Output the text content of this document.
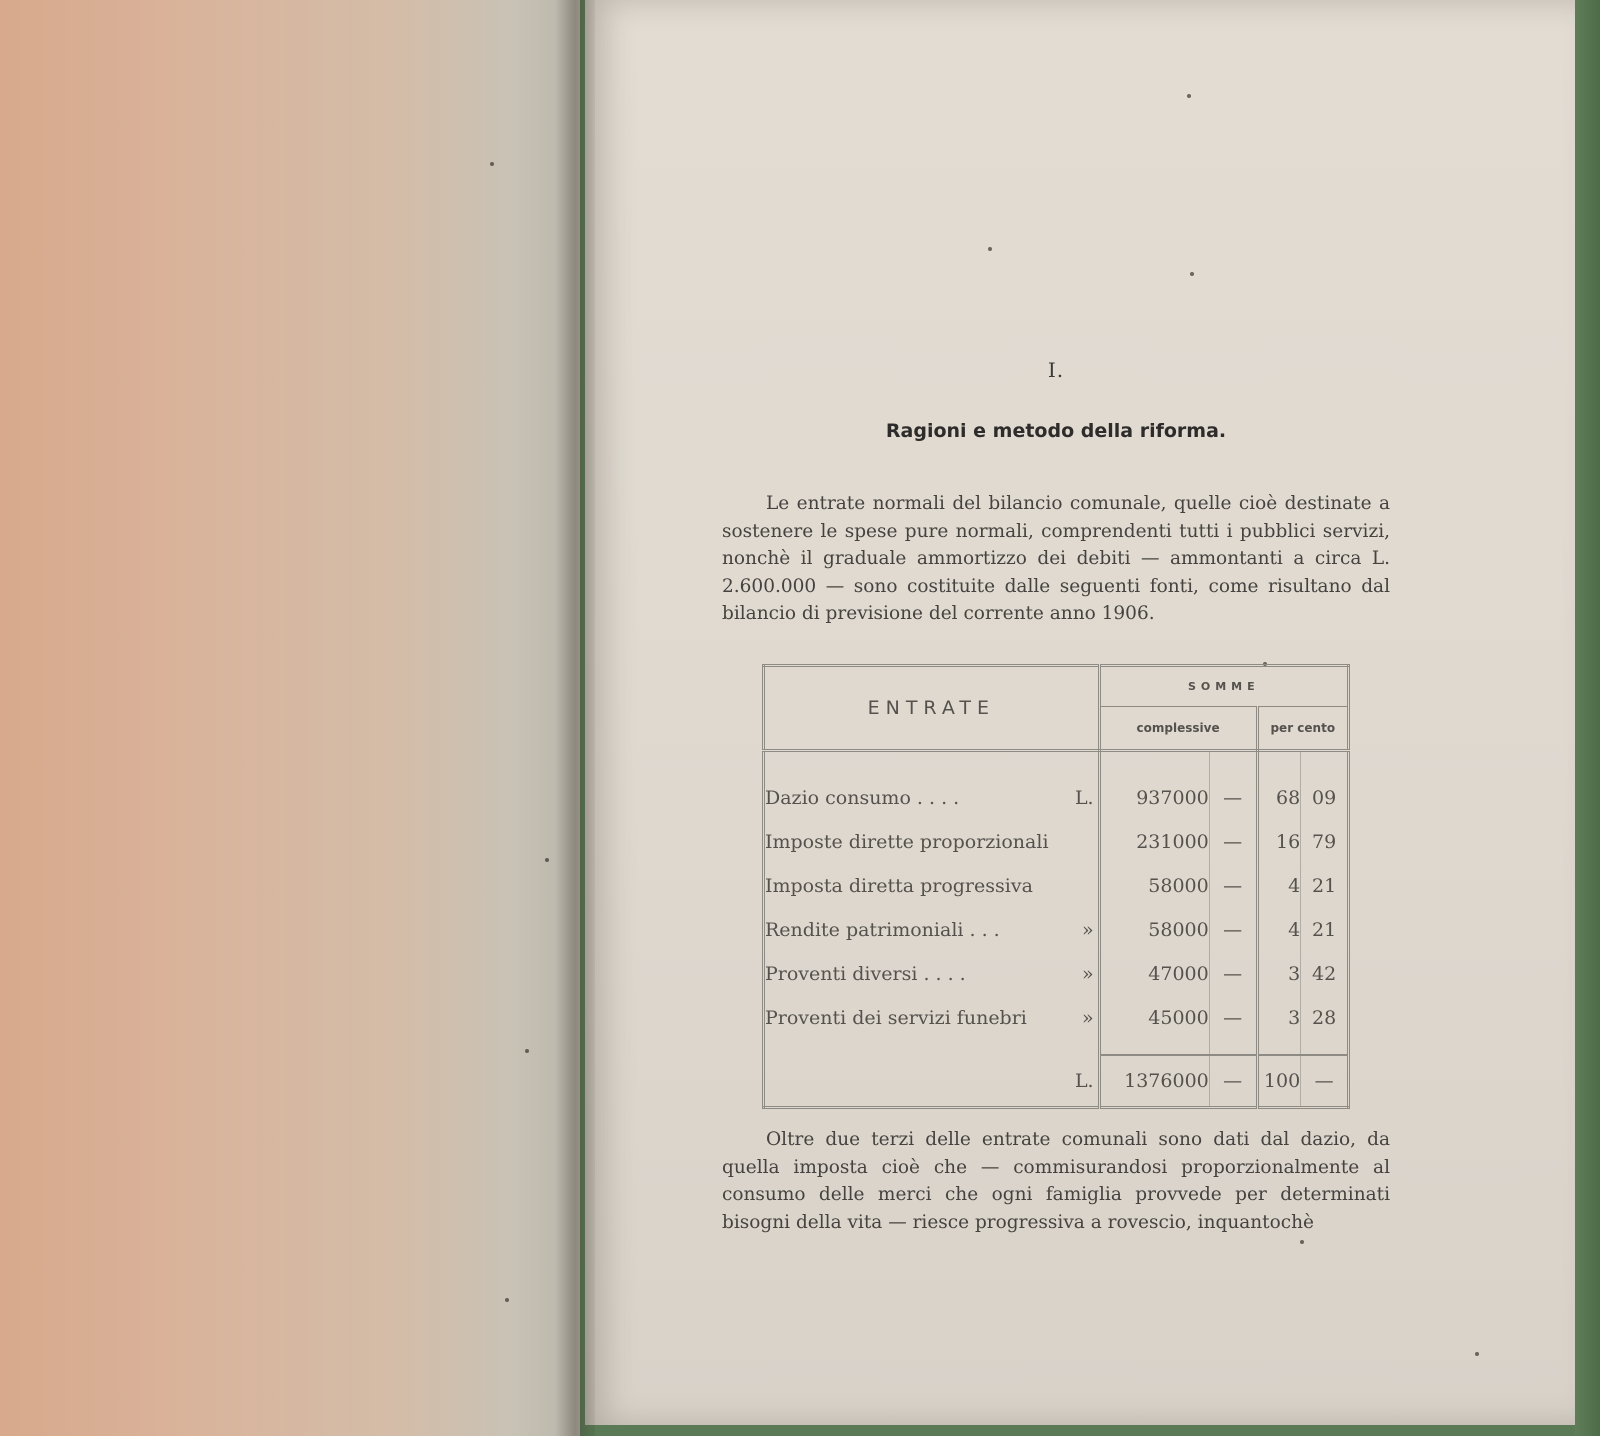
I.
Ragioni e metodo della riforma.

Le entrate normali del bilancio comunale, quelle cioè destinate a sostenere le spese pure normali, comprendenti tutti i pubblici servizi, nonchè il graduale ammortizzo dei debiti — ammontanti a circa L. 2.600.000 — sono costituite dalle seguenti fonti, come risultano dal bilancio di previsione del corrente anno 1906.

ENTRATE	SOMME			
	complessive		per cento	
Dazio consumo . . . . L.	937000	—	68	09
Imposte dirette proporzionali	231000	—	16	79
Imposta diretta progressiva	58000	—	4	21
Rendite patrimoniali . . . »	58000	—	4	21
Proventi diversi . . . . »	47000	—	3	42
Proventi dei servizi funebri »	45000	—	3	28

L.	1376000	—	100	—

Oltre due terzi delle entrate comunali sono dati dal dazio, da quella imposta cioè che — commisurandosi proporzionalmente al consumo delle merci che ogni famiglia provvede per determinati bisogni della vita — riesce progressiva a rovescio, inquantochè
